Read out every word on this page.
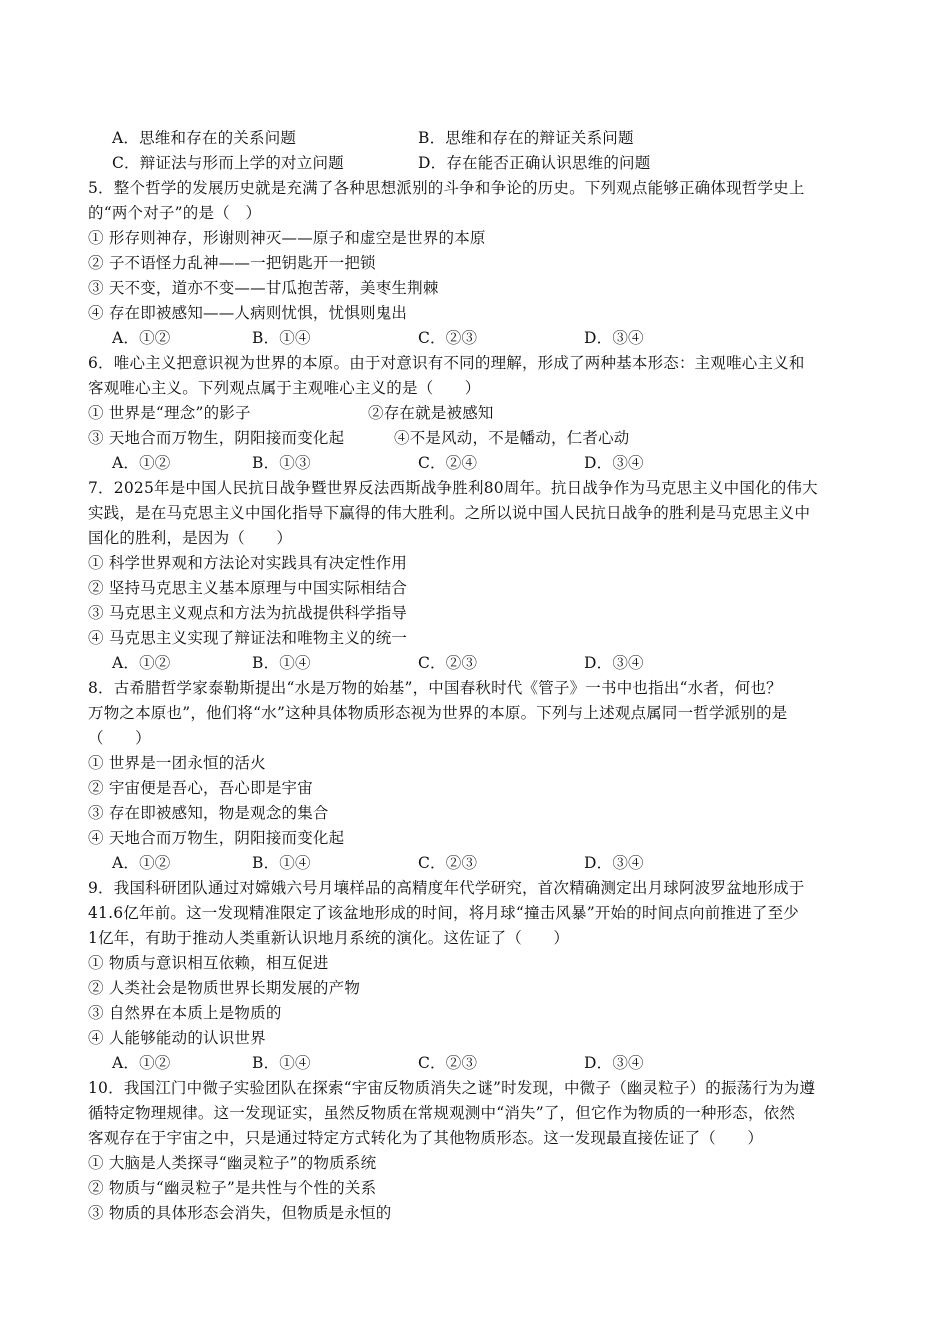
A．思维和存在的关系问题	B．思维和存在的辩证关系问题
C．辩证法与形而上学的对立问题	D．存在能否正确认识思维的问题
5．整个哲学的发展历史就是充满了各种思想派别的斗争和争论的历史。下列观点能够正确体现哲学史上
的“两个对子”的是（　）
① 形存则神存，形谢则神灭——原子和虚空是世界的本原
② 子不语怪力乱神——一把钥匙开一把锁
③ 天不变，道亦不变——甘瓜抱苦蒂，美枣生荆棘
④ 存在即被感知——人病则忧惧，忧惧则鬼出
A．①②	B．①④	C．②③	D．③④
6．唯心主义把意识视为世界的本原。由于对意识有不同的理解，形成了两种基本形态：主观唯心主义和
客观唯心主义。下列观点属于主观唯心主义的是（　　）
① 世界是“理念”的影子	②存在就是被感知
③ 天地合而万物生，阴阳接而变化起	④不是风动，不是幡动，仁者心动
A．①②	B．①③	C．②④	D．③④
7．2025年是中国人民抗日战争暨世界反法西斯战争胜利80周年。抗日战争作为马克思主义中国化的伟大
实践，是在马克思主义中国化指导下赢得的伟大胜利。之所以说中国人民抗日战争的胜利是马克思主义中
国化的胜利，是因为（　　）
① 科学世界观和方法论对实践具有决定性作用
② 坚持马克思主义基本原理与中国实际相结合
③ 马克思主义观点和方法为抗战提供科学指导
④ 马克思主义实现了辩证法和唯物主义的统一
A．①②	B．①④	C．②③	D．③④
8．古希腊哲学家泰勒斯提出“水是万物的始基”，中国春秋时代《管子》一书中也指出“水者，何也？
万物之本原也”，他们将“水”这种具体物质形态视为世界的本原。下列与上述观点属同一哲学派别的是
（　　）
① 世界是一团永恒的活火
② 宇宙便是吾心，吾心即是宇宙
③ 存在即被感知，物是观念的集合
④ 天地合而万物生，阴阳接而变化起
A．①②	B．①④	C．②③	D．③④
9．我国科研团队通过对嫦娥六号月壤样品的高精度年代学研究，首次精确测定出月球阿波罗盆地形成于
41.6亿年前。这一发现精准限定了该盆地形成的时间，将月球“撞击风暴”开始的时间点向前推进了至少
1亿年，有助于推动人类重新认识地月系统的演化。这佐证了（　　）
① 物质与意识相互依赖，相互促进
② 人类社会是物质世界长期发展的产物
③ 自然界在本质上是物质的
④ 人能够能动的认识世界
A．①②	B．①④	C．②③	D．③④
10．我国江门中微子实验团队在探索“宇宙反物质消失之谜”时发现，中微子（幽灵粒子）的振荡行为为遵
循特定物理规律。这一发现证实，虽然反物质在常规观测中“消失”了，但它作为物质的一种形态，依然
客观存在于宇宙之中，只是通过特定方式转化为了其他物质形态。这一发现最直接佐证了（　　）
① 大脑是人类探寻“幽灵粒子”的物质系统
② 物质与“幽灵粒子”是共性与个性的关系
③ 物质的具体形态会消失，但物质是永恒的
